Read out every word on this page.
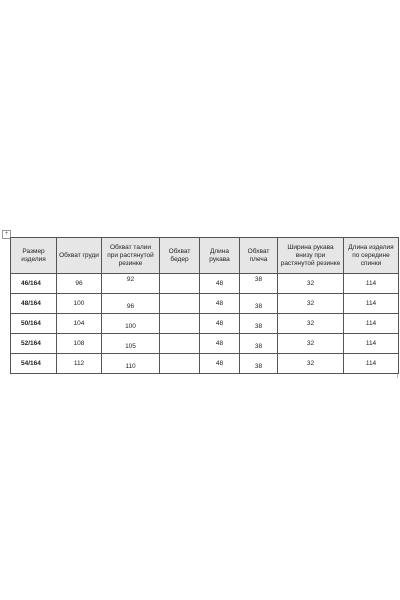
+
Размер изделия	Обхват груди	Обхват талии при растянутой резинке	Обхват бедер	Длина рукава	Обхват плеча	Ширина рукава внизу при растянутой резинке	Длина изделия по середине спинки
46/164	96	92		48	38	32	114
48/164	100	96		48	38	32	114
50/164	104	100		48	38	32	114
52/164	108	105		48	38	32	114
54/164	112	110		48	38	32	114
